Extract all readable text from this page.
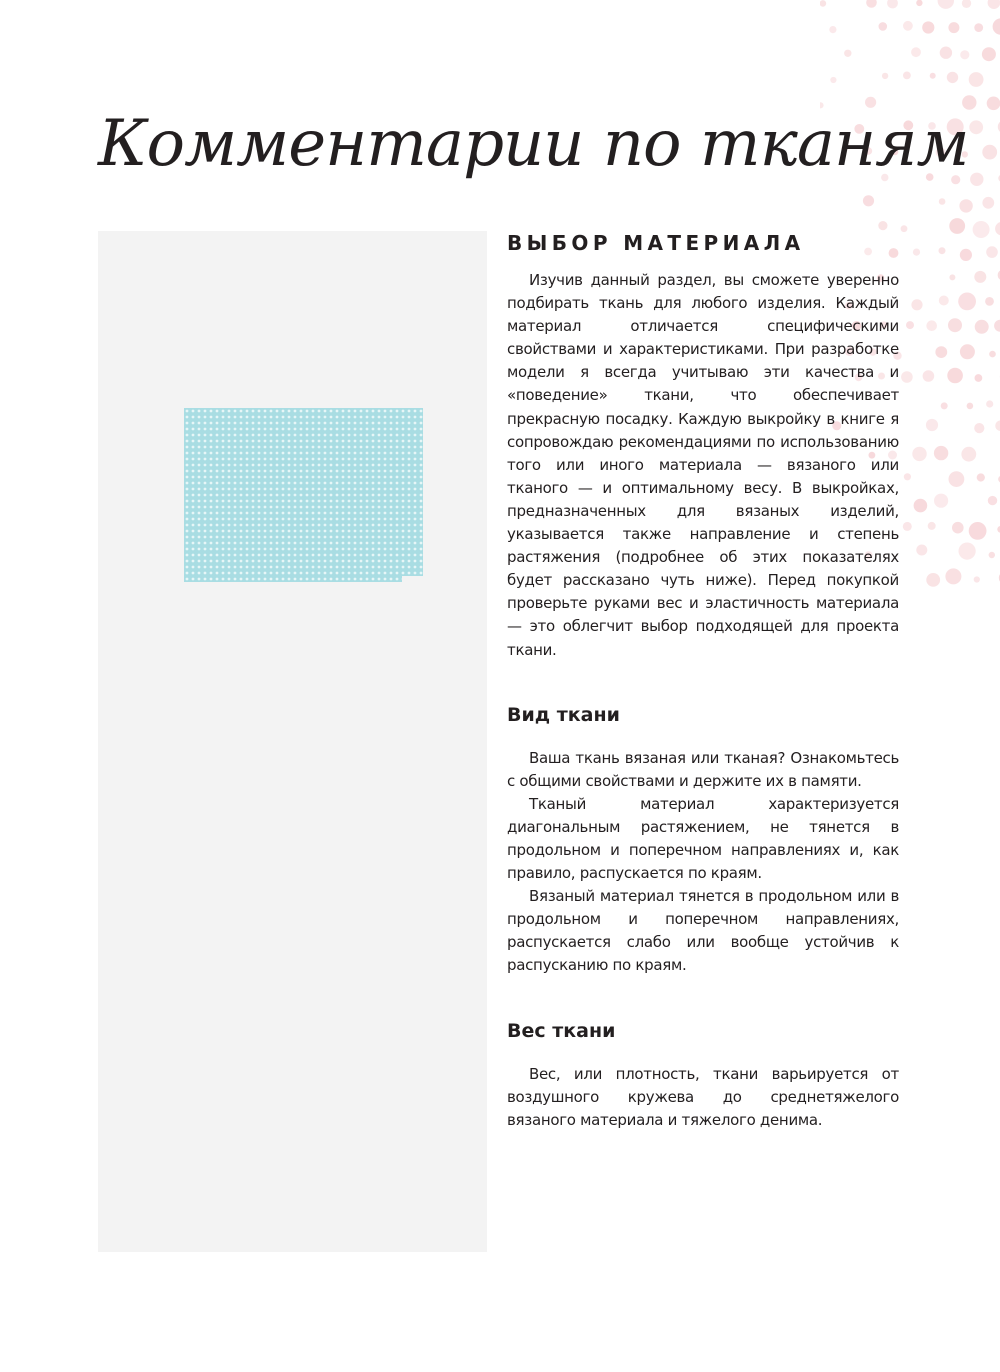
Комментарии по тканям
ВЫБОР МАТЕРИАЛА

Изучив данный раздел, вы сможете уверенно подбирать ткань для любого изделия. Каждый материал отличается специфическими свойствами и характеристиками. При разработке модели я всегда учитываю эти качества и «поведение» ткани, что обеспечивает прекрасную посадку. Каждую выкройку в книге я сопровождаю рекомендациями по использованию того или иного материала — вязаного или тканого — и оптимальному весу. В выкройках, предназначенных для вязаных изделий, указывается также направление и степень растяжения (подробнее об этих показателях будет рассказано чуть ниже). Перед покупкой проверьте руками вес и эластичность материала — это облегчит выбор подходящей для проекта ткани.

Вид ткани

Ваша ткань вязаная или тканая? Ознакомьтесь с общими свойствами и держите их в памяти.

Тканый материал характеризуется диагональным растяжением, не тянется в продольном и поперечном направлениях и, как правило, распускается по краям.

Вязаный материал тянется в продольном или в продольном и поперечном направлениях, распускается слабо или вообще устойчив к распусканию по краям.

Вес ткани

Вес, или плотность, ткани варьируется от воздушного кружева до среднетяжелого вязаного материала и тяжелого денима.
